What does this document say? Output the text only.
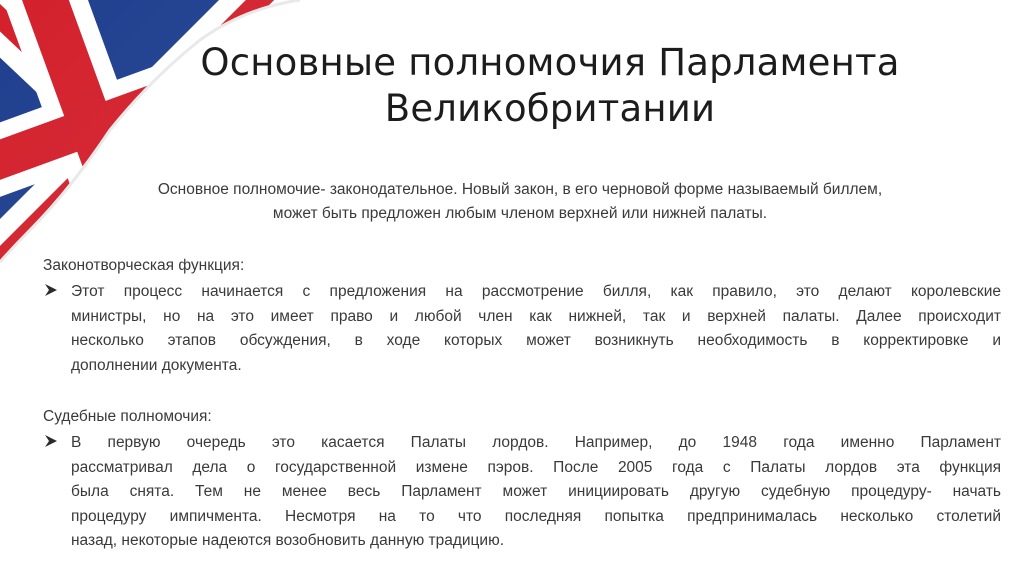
Основные полномочия Парламента
Великобритании
Основное полномочие- законодательное. Новый закон, в его черновой форме называемый биллем,
может быть предложен любым членом верхней или нижней палаты.
Законотворческая функция:
Этот процесс начинается с предложения на рассмотрение билля, как правило, это делают королевские
министры, но на это имеет право и любой член как нижней, так и верхней палаты. Далее происходит
несколько этапов обсуждения, в ходе которых может возникнуть необходимость в корректировке и
дополнении документа.
Судебные полномочия:
В первую очередь это касается Палаты лордов. Например, до 1948 года именно Парламент
рассматривал дела о государственной измене пэров. После 2005 года с Палаты лордов эта функция
была снята. Тем не менее весь Парламент может инициировать другую судебную процедуру- начать
процедуру импичмента. Несмотря на то что последняя попытка предпринималась несколько столетий
назад, некоторые надеются возобновить данную традицию.
